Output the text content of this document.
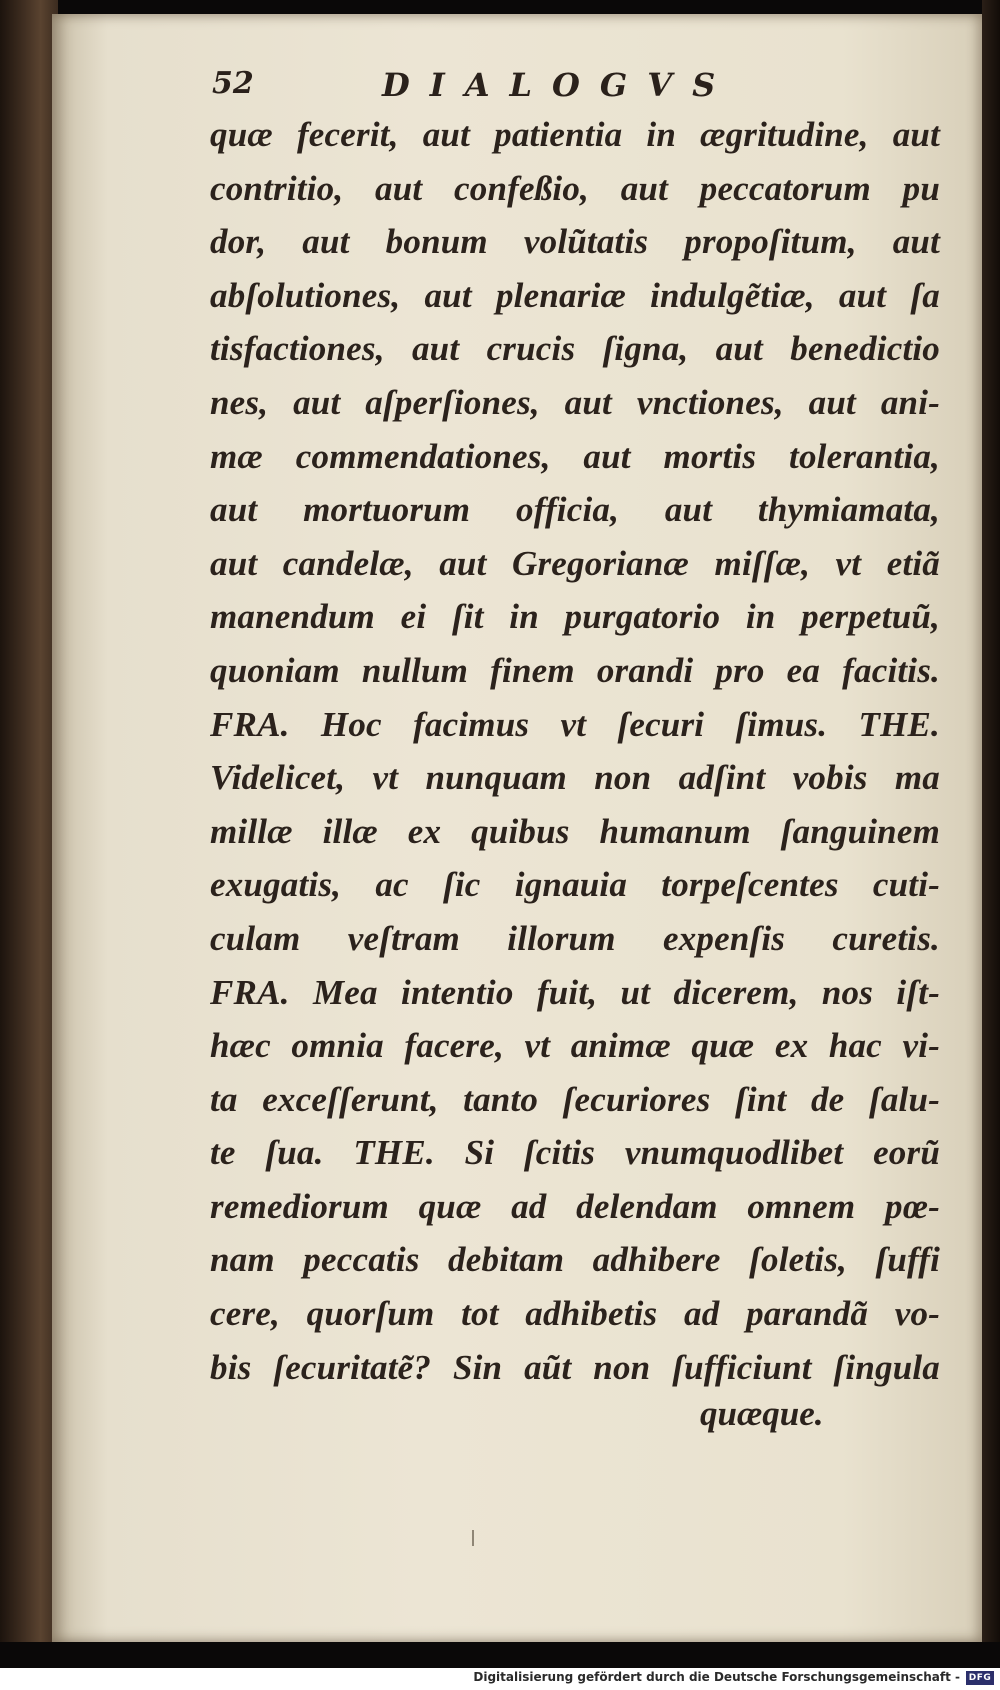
52	DIALOGVS
quæ fecerit, aut patientia in ægritudine, aut
contritio, aut confeßio, aut peccatorum pu
dor, aut bonum volũtatis propoſitum, aut
abſolutiones, aut plenariæ indulgẽtiæ, aut ſa
tisfactiones, aut crucis ſigna, aut benedictio
nes, aut aſperſiones, aut vnctiones, aut ani-
mæ commendationes, aut mortis tolerantia,
aut mortuorum officia, aut thymiamata,
aut candelæ, aut Gregorianæ miſſæ, vt etiã
manendum ei ſit in purgatorio in perpetuũ,
quoniam nullum finem orandi pro ea facitis.
FRA. Hoc facimus vt ſecuri ſimus. THE.
Videlicet, vt nunquam non adſint vobis ma
millæ illæ ex quibus humanum ſanguinem
exugatis, ac ſic ignauia torpeſcentes cuti-
culam veſtram illorum expenſis curetis.
FRA. Mea intentio fuit, ut dicerem, nos iſt-
hæc omnia facere, vt animæ quæ ex hac vi-
ta exceſſerunt, tanto ſecuriores ſint de ſalu-
te ſua. THE. Si ſcitis vnumquodlibet eorũ
remediorum quæ ad delendam omnem pœ-
nam peccatis debitam adhibere ſoletis, ſuffi
cere, quorſum tot adhibetis ad parandã vo-
bis ſecuritatẽ? Sin aũt non ſufficiunt ſingula
quæque.
Digitalisierung gefördert durch die Deutsche Forschungsgemeinschaft - DFG
